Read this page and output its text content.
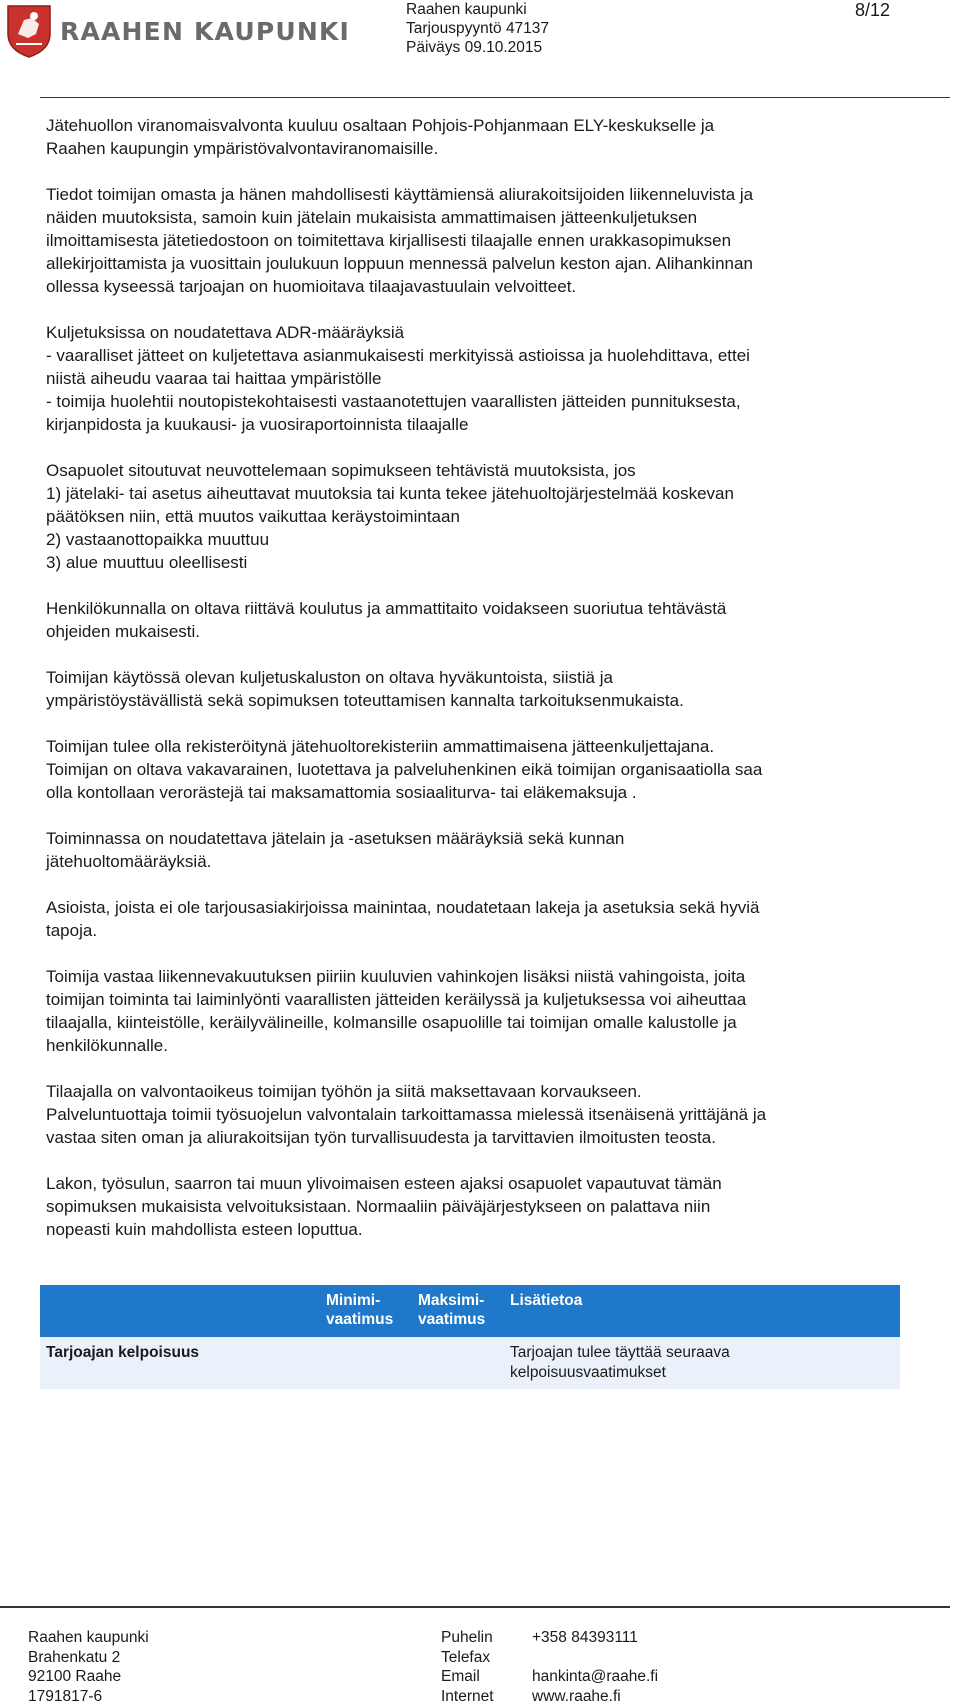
RAAHEN KAUPUNKI
Raahen kaupunki
Tarjouspyyntö 47137
Päiväys 09.10.2015
8/12

Jätehuollon viranomaisvalvonta kuuluu osaltaan Pohjois-Pohjanmaan ELY-keskukselle ja
Raahen kaupungin ympäristövalvontaviranomaisille.

Tiedot toimijan omasta ja hänen mahdollisesti käyttämiensä aliurakoitsijoiden liikenneluvista ja
näiden muutoksista, samoin kuin jätelain mukaisista ammattimaisen jätteenkuljetuksen
ilmoittamisesta jätetiedostoon on toimitettava kirjallisesti tilaajalle ennen urakkasopimuksen
allekirjoittamista ja vuosittain joulukuun loppuun mennessä palvelun keston ajan. Alihankinnan
ollessa kyseessä tarjoajan on huomioitava tilaajavastuulain velvoitteet.

Kuljetuksissa on noudatettava ADR-määräyksiä
- vaaralliset jätteet on kuljetettava asianmukaisesti merkityissä astioissa ja huolehdittava, ettei
niistä aiheudu vaaraa tai haittaa ympäristölle
- toimija huolehtii noutopistekohtaisesti vastaanotettujen vaarallisten jätteiden punnituksesta,
kirjanpidosta ja kuukausi- ja vuosiraportoinnista tilaajalle

Osapuolet sitoutuvat neuvottelemaan sopimukseen tehtävistä muutoksista, jos
1) jätelaki- tai asetus aiheuttavat muutoksia tai kunta tekee jätehuoltojärjestelmää koskevan
päätöksen niin, että muutos vaikuttaa keräystoimintaan
2) vastaanottopaikka muuttuu
3) alue muuttuu oleellisesti

Henkilökunnalla on oltava riittävä koulutus ja ammattitaito voidakseen suoriutua tehtävästä
ohjeiden mukaisesti.

Toimijan käytössä olevan kuljetuskaluston on oltava hyväkuntoista, siistiä ja
ympäristöystävällistä sekä sopimuksen toteuttamisen kannalta tarkoituksenmukaista.

Toimijan tulee olla rekisteröitynä jätehuoltorekisteriin ammattimaisena jätteenkuljettajana.
Toimijan on oltava vakavarainen, luotettava ja palveluhenkinen eikä toimijan organisaatiolla saa
olla kontollaan verorästejä tai maksamattomia sosiaaliturva- tai eläkemaksuja .

Toiminnassa on noudatettava jätelain ja -asetuksen määräyksiä sekä kunnan
jätehuoltomääräyksiä.

Asioista, joista ei ole tarjousasiakirjoissa mainintaa, noudatetaan lakeja ja asetuksia sekä hyviä
tapoja.

Toimija vastaa liikennevakuutuksen piiriin kuuluvien vahinkojen lisäksi niistä vahingoista, joita
toimijan toiminta tai laiminlyönti vaarallisten jätteiden keräilyssä ja kuljetuksessa voi aiheuttaa
tilaajalla, kiinteistölle, keräilyvälineille, kolmansille osapuolille tai toimijan omalle kalustolle ja
henkilökunnalle.

Tilaajalla on valvontaoikeus toimijan työhön ja siitä maksettavaan korvaukseen.
Palveluntuottaja toimii työsuojelun valvontalain tarkoittamassa mielessä itsenäisenä yrittäjänä ja
vastaa siten oman ja aliurakoitsijan työn turvallisuudesta ja tarvittavien ilmoitusten teosta.

Lakon, työsulun, saarron tai muun ylivoimaisen esteen ajaksi osapuolet vapautuvat tämän
sopimuksen mukaisista velvoituksistaan. Normaaliin päiväjärjestykseen on palattava niin
nopeasti kuin mahdollista esteen loputtua.

	Minimi-
vaatimus	Maksimi-
vaatimus	Lisätietoa
Tarjoajan kelpoisuus			Tarjoajan tulee täyttää seuraava
kelpoisuusvaatimukset
Raahen kaupunki
Brahenkatu 2
92100 Raahe
1791817-6
Puhelin
Telefax
Email
Internet
+358 84393111

hankinta@raahe.fi
www.raahe.fi
